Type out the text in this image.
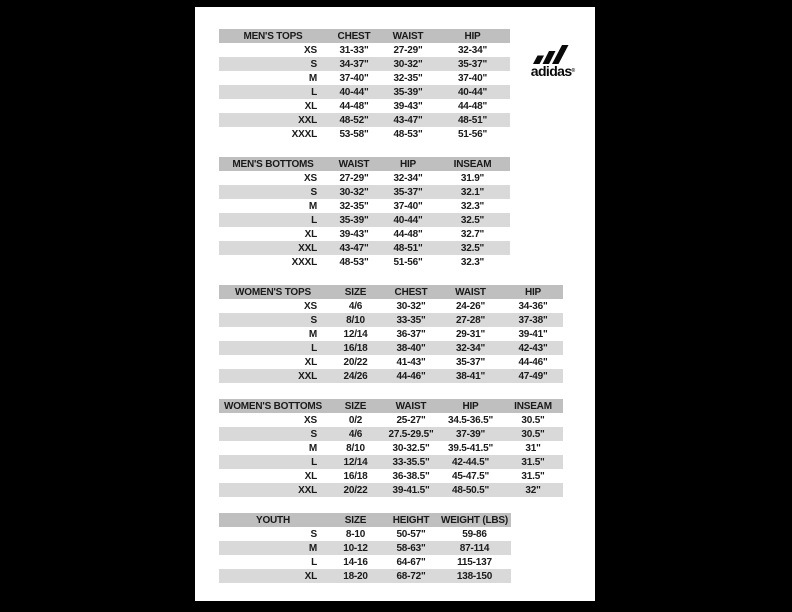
MEN'S TOPS	CHEST	WAIST	HIP
XS	31-33"	27-29"	32-34"
S	34-37"	30-32"	35-37"
M	37-40"	32-35"	37-40"
L	40-44"	35-39"	40-44"
XL	44-48"	39-43"	44-48"
XXL	48-52"	43-47"	48-51"
XXXL	53-58"	48-53"	51-56"
MEN'S BOTTOMS	WAIST	HIP	INSEAM
XS	27-29"	32-34"	31.9"
S	30-32"	35-37"	32.1"
M	32-35"	37-40"	32.3"
L	35-39"	40-44"	32.5"
XL	39-43"	44-48"	32.7"
XXL	43-47"	48-51"	32.5"
XXXL	48-53"	51-56"	32.3"
WOMEN'S TOPS	SIZE	CHEST	WAIST	HIP
XS	4/6	30-32"	24-26"	34-36"
S	8/10	33-35"	27-28"	37-38"
M	12/14	36-37"	29-31"	39-41"
L	16/18	38-40"	32-34"	42-43"
XL	20/22	41-43"	35-37"	44-46"
XXL	24/26	44-46"	38-41"	47-49"
WOMEN'S BOTTOMS	SIZE	WAIST	HIP	INSEAM
XS	0/2	25-27"	34.5-36.5"	30.5"
S	4/6	27.5-29.5"	37-39"	30.5"
M	8/10	30-32.5"	39.5-41.5"	31"
L	12/14	33-35.5"	42-44.5"	31.5"
XL	16/18	36-38.5"	45-47.5"	31.5"
XXL	20/22	39-41.5"	48-50.5"	32"
YOUTH	SIZE	HEIGHT	WEIGHT (LBS)
S	8-10	50-57"	59-86
M	10-12	58-63"	87-114
L	14-16	64-67"	115-137
XL	18-20	68-72"	138-150
adidas®
